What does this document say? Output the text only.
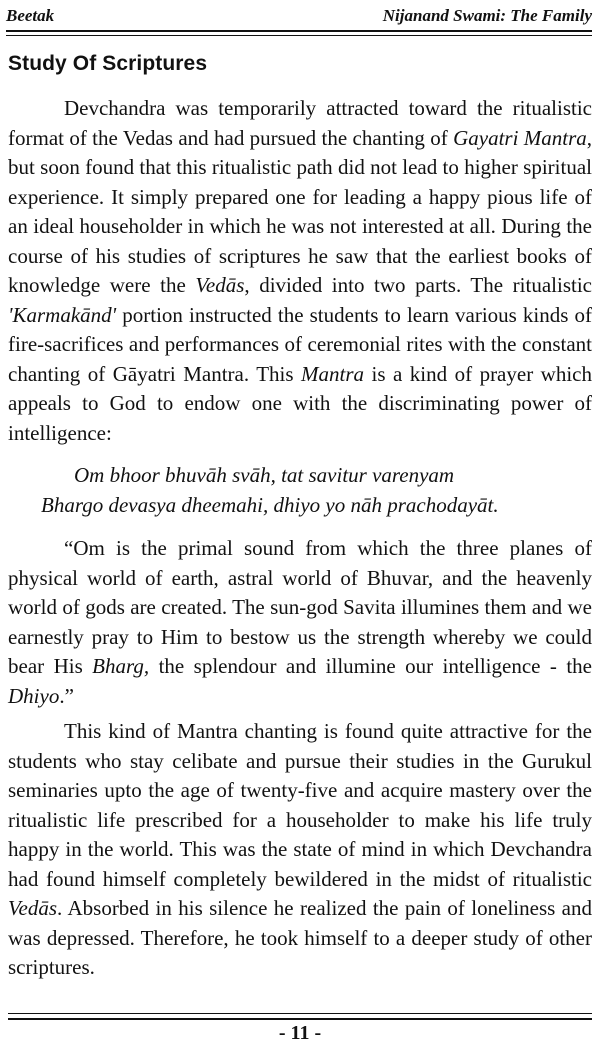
Beetak	Nijanand Swami: The Family
Study Of Scriptures

Devchandra was temporarily attracted toward the ritualistic format of the Vedas and had pursued the chanting of Gayatri Mantra, but soon found that this ritualistic path did not lead to higher spiritual experience. It simply prepared one for leading a happy pious life of an ideal householder in which he was not interested at all. During the course of his studies of scriptures he saw that the earliest books of knowledge were the Vedās, divided into two parts. The ritualistic 'Karmakānd' portion instructed the students to learn various kinds of fire-sacrifices and performances of ceremonial rites with the constant chanting of Gāyatri Mantra. This Mantra is a kind of prayer which appeals to God to endow one with the discriminating power of intelligence:

Om bhoor bhuvāh svāh, tat savitur varenyam
Bhargo devasya dheemahi, dhiyo yo nāh prachodayāt.

“Om is the primal sound from which the three planes of physical world of earth, astral world of Bhuvar, and the heavenly world of gods are created. The sun-god Savita illumines them and we earnestly pray to Him to bestow us the strength whereby we could bear His Bharg, the splendour and illumine our intelligence - the Dhiyo.”

This kind of Mantra chanting is found quite attractive for the students who stay celibate and pursue their studies in the Gurukul seminaries upto the age of twenty-five and acquire mastery over the ritualistic life prescribed for a householder to make his life truly happy in the world. This was the state of mind in which Devchandra had found himself completely bewildered in the midst of ritualistic Vedās. Absorbed in his silence he realized the pain of loneliness and was depressed. Therefore, he took himself to a deeper study of other scriptures.

- 11 -
